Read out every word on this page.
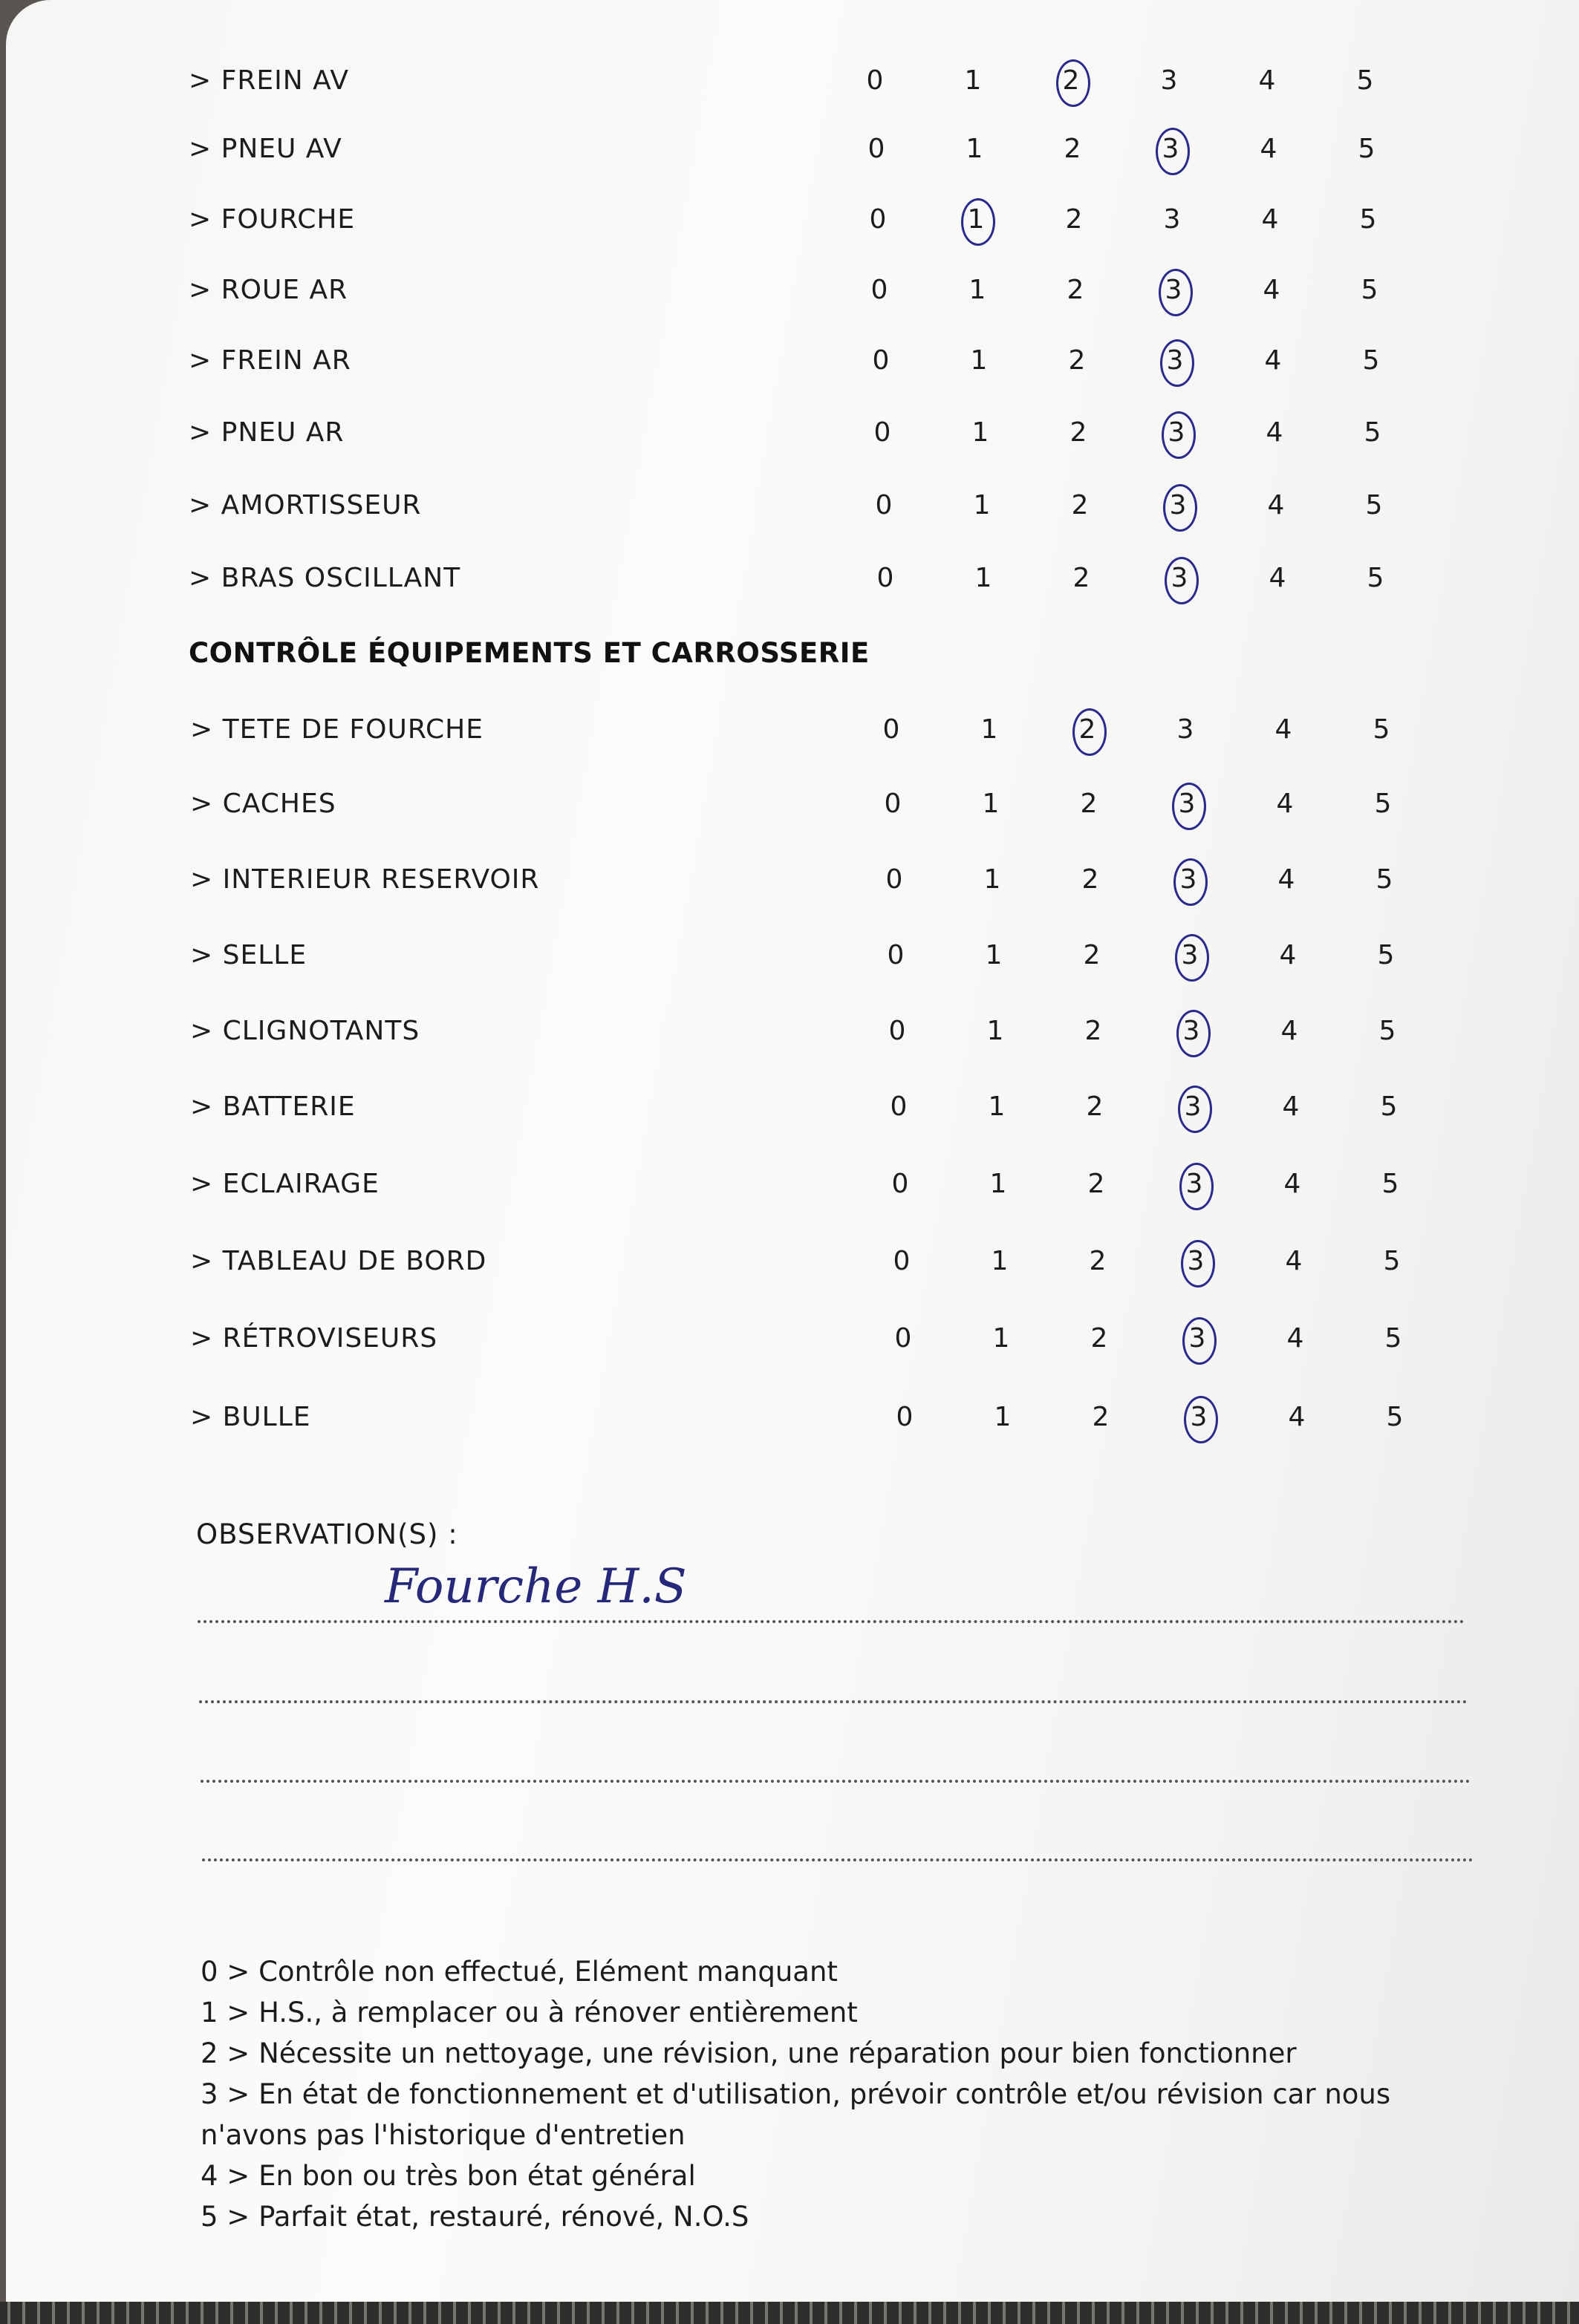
> FREIN AV	0	1	2	3	4	5
> PNEU AV	0	1	2	3	4	5
> FOURCHE	0	1	2	3	4	5
> ROUE AR	0	1	2	3	4	5
> FREIN AR	0	1	2	3	4	5
> PNEU AR	0	1	2	3	4	5
> AMORTISSEUR	0	1	2	3	4	5
> BRAS OSCILLANT	0	1	2	3	4	5
CONTRÔLE ÉQUIPEMENTS ET CARROSSERIE
> TETE DE FOURCHE	0	1	2	3	4	5
> CACHES	0	1	2	3	4	5
> INTERIEUR RESERVOIR	0	1	2	3	4	5
> SELLE	0	1	2	3	4	5
> CLIGNOTANTS	0	1	2	3	4	5
> BATTERIE	0	1	2	3	4	5
> ECLAIRAGE	0	1	2	3	4	5
> TABLEAU DE BORD	0	1	2	3	4	5
> RÉTROVISEURS	0	1	2	3	4	5
> BULLE	0	1	2	3	4	5
OBSERVATION(S) :
Fourche H.S
0 > Contrôle non effectué, Elément manquant
1 > H.S., à remplacer ou à rénover entièrement
2 > Nécessite un nettoyage, une révision, une réparation pour bien fonctionner
3 > En état de fonctionnement et d'utilisation, prévoir contrôle et/ou révision car nous
n'avons pas l'historique d'entretien
4 > En bon ou très bon état général
5 > Parfait état, restauré, rénové, N.O.S
